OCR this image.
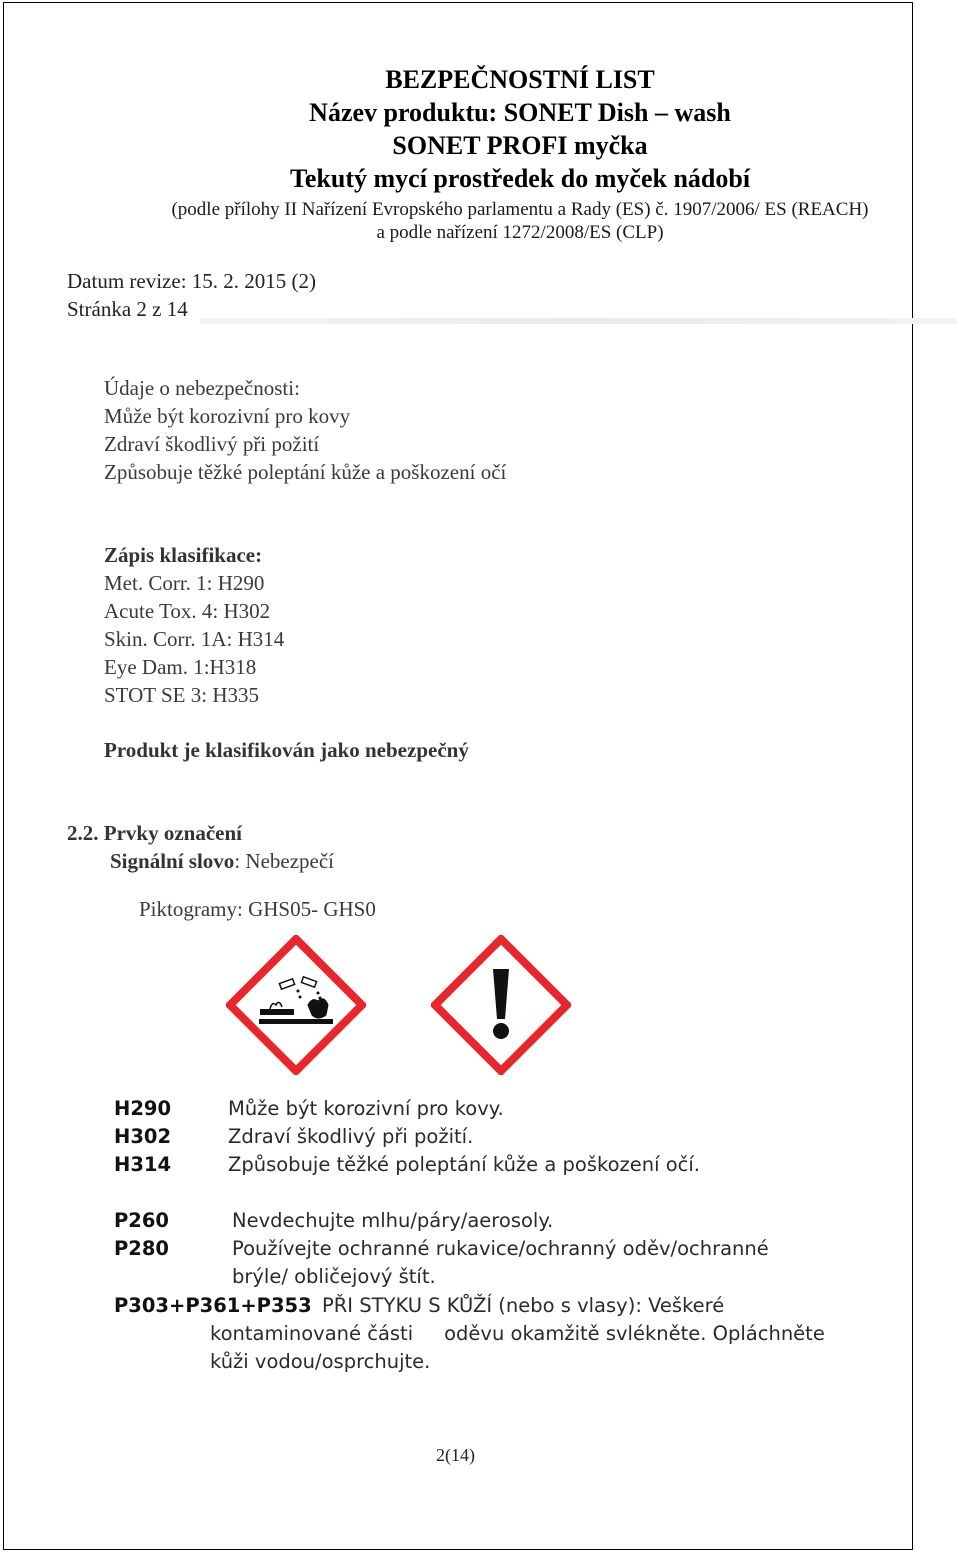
BEZPEČNOSTNÍ LIST
Název produktu: SONET Dish – wash
SONET PROFI myčka
Tekutý mycí prostředek do myček nádobí
(podle přílohy II Nařízení Evropského parlamentu a Rady (ES) č. 1907/2006/ ES (REACH)
a podle nařízení 1272/2008/ES (CLP)
Datum revize: 15. 2. 2015 (2)
Stránka 2 z 14
Údaje o nebezpečnosti:
Může být korozivní pro kovy
Zdraví škodlivý při požití
Způsobuje těžké poleptání kůže a poškození očí
Zápis klasifikace:
Met. Corr. 1: H290
Acute Tox. 4: H302
Skin. Corr. 1A: H314
Eye Dam. 1:H318
STOT SE 3: H335
Produkt je klasifikován jako nebezpečný
2.2. Prvky označení
Signální slovo: Nebezpečí
Piktogramy: GHS05- GHS0
H290	Může být korozivní pro kovy.
H302	Zdraví škodlivý při požití.
H314	Způsobuje těžké poleptání kůže a poškození očí.
P260	Nevdechujte mlhu/páry/aerosoly.
P280	Používejte ochranné rukavice/ochranný oděv/ochranné
brýle/ obličejový štít.
P303+P361+P353 PŘI STYKU S KŮŽÍ (nebo s vlasy): Veškeré
kontaminované části     oděvu okamžitě svlékněte. Opláchněte
kůži vodou/osprchujte.
2(14)
